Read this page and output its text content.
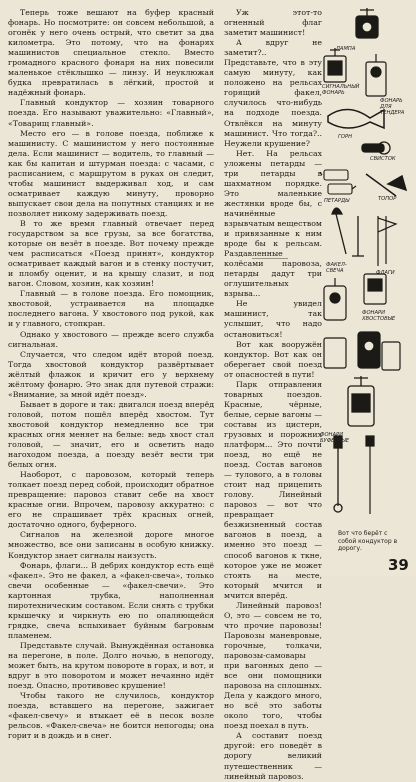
Теперь тоже вешают на буфер красный фонарь. Но посмотрите: он совсем небольшой, а огонёк у него очень острый, что светит за два километра. Это потому, что на фонарях машинистов специальное стекло. Вместо громадного красного фонаря на них повесили маленькое стёклышко — линзу. И неуклюжая будка превратилась в лёгкий, простой и надёжный фонарь.

Главный кондуктор — хозяин товарного поезда. Его называют уважительно: «Главный», «Товарищ главный».

Место его — в голове поезда, поближе к машинисту. С машинистом у него постоянные дела. Если машинист — водитель, то главный — как бы капитан и штурман поезда: с часами, с расписанием, с маршрутом в руках он следит, чтобы машинист выдерживал ход, и сам осматривает каждую минуту, проворно выпускает свои дела на попутных станциях и не позволяет никому задерживать поезд.

В то же время главный отвечает перед государством за все грузы, за все богатства, которые он везёт в поезде. Вот почему прежде чем расписаться «Поезд принят», кондуктор осматривает каждый вагон и в стенку постучит, и пломбу оценит, и на крышу слазит, и под вагон. Словом, хозяин, как хозяин!

Главный — в голове поезда. Его помощник, хвостовой, устраивается на площадке последнего вагона. У хвостового под рукой, как и у главного, стопкран.

Однако у хвостового — прежде всего служба сигнальная.

Случается, что следом идёт второй поезд. Тогда хвостовой кондуктор развёртывает жёлтый флажок и кричит его у верхнему жёлтому фонарю. Это знак для путевой стражи: «Внимание, за мной идёт поезд».

Бывает в дороге и так: двигался поезд вперёд головой, потом пошёл вперёд хвостом. Тут хвостовой кондуктор немедленно все три красных огня меняет на белые: ведь хвост стал головой, — значит, его и осветить надо нагоходом поезда, а поезду везёт вести три белых огня.

Наоборот, с паровозом, который теперь толкает поезд перед собой, происходит обратное превращение: паровоз ставит себе на хвост красные огни. Впрочем, паровозу аккуратно: с его не спрашивает трёх красных огней, достаточно одного, буферного.

Сигналов на железной дороге многое множество, все они записаны в особую книжку. Кондуктор знает сигналы наизусть.

Фонарь, флаги... В дебрях кондуктор есть ещё «факел». Это не факел, а «факел-свеча», только свечи особенные — «факел-свечи». Это картонная трубка, наполненная пиротехническим составом. Если снять с трубки крышечку и чиркнуть ею по опаляющейся грядке, свеча вспыхивает буйным багровым пламенем.

Представьте случай. Вынуждённая остановка на перегоне, в поле. Долго ночью, в непогоду, может быть, на крутом повороте в горах, и вот, и вдруг в это поворотом и может нечаянно идёт поезд. Опасно, противовес крушение!

Чтобы такого не случилось, кондуктор поезда, вставшего на перегоне, зажигает «факел-свечу» и втыкает её в песок возле рельсов. «Факел-свеча» не боится непогоды; она горит и в дождь и в снег.

Уж этот-то огненный флаг заметит машинист!

А вдруг не заметит?.. Представьте, что в эту самую минуту, как положено на рельсах горящий факел, случилось что-нибудь на подходе поезда. Отвлёкся на минуту машинист. Что тогда?.. Неужели крушение?

Нет. На рельсах уложены петарды — три петарды в шахматном порядке. Это маленькие жестянки вроде бы, с начинённые взрывчатым веществом и привязанные к ним вроде бы к рельсам. Раздавленные колёсами паровоза, петарды дадут три оглушительных взрыва...

Не увидел машинист, так услышит, что надо остановиться!

Вот как вооружён кондуктор. Вот как он оберегает свой поезд от опасностей в пути!

Парк отправления товарных поездов. Красные, чёрные, белые, серые вагоны — составы из цистерн, грузовых и порожних платформ... Это почти поезд, но ещё не поезд. Состав вагонов — тулового, а в головы стоит над прицепить голову. Линейный паровоз — вот что превращает безжизненный состав вагонов в поезд, а именно это поезд — способ вагонов к ткне, которое уже не может стоять на месте, который мчится и мчится вперёд.

Линейный паровоз! О, это — совсем не то, что прочие паровозы! Паровозы маневровые, горочные, толкачи, паровозы-самовары при вагонных депо — все они помощники паровоза на сплошных. Дела у каждого много, но всё это заботы около того, чтобы поезд поехал в путь.

А составит поезд другой: его поведёт в дорогу великий путешественник — линейный паровоз.

ЛАМПА
СИГНАЛЬНЫЙ
ФОНАРЬ
ФОНАРЬ
ДЛЯ
ТЕНДЕРА
ГОРН
СВИСТОК
ПЕТАРДЫ	ТОПОР
ФАКЕЛ-
СВЕЧА	ФЛАГИ
ФОНАРИ
ХВОСТОВЫЕ
ФОНАРИ
БУФЕРНЫЕ
Вот что берёт с собой кондуктор в дорогу.
39
